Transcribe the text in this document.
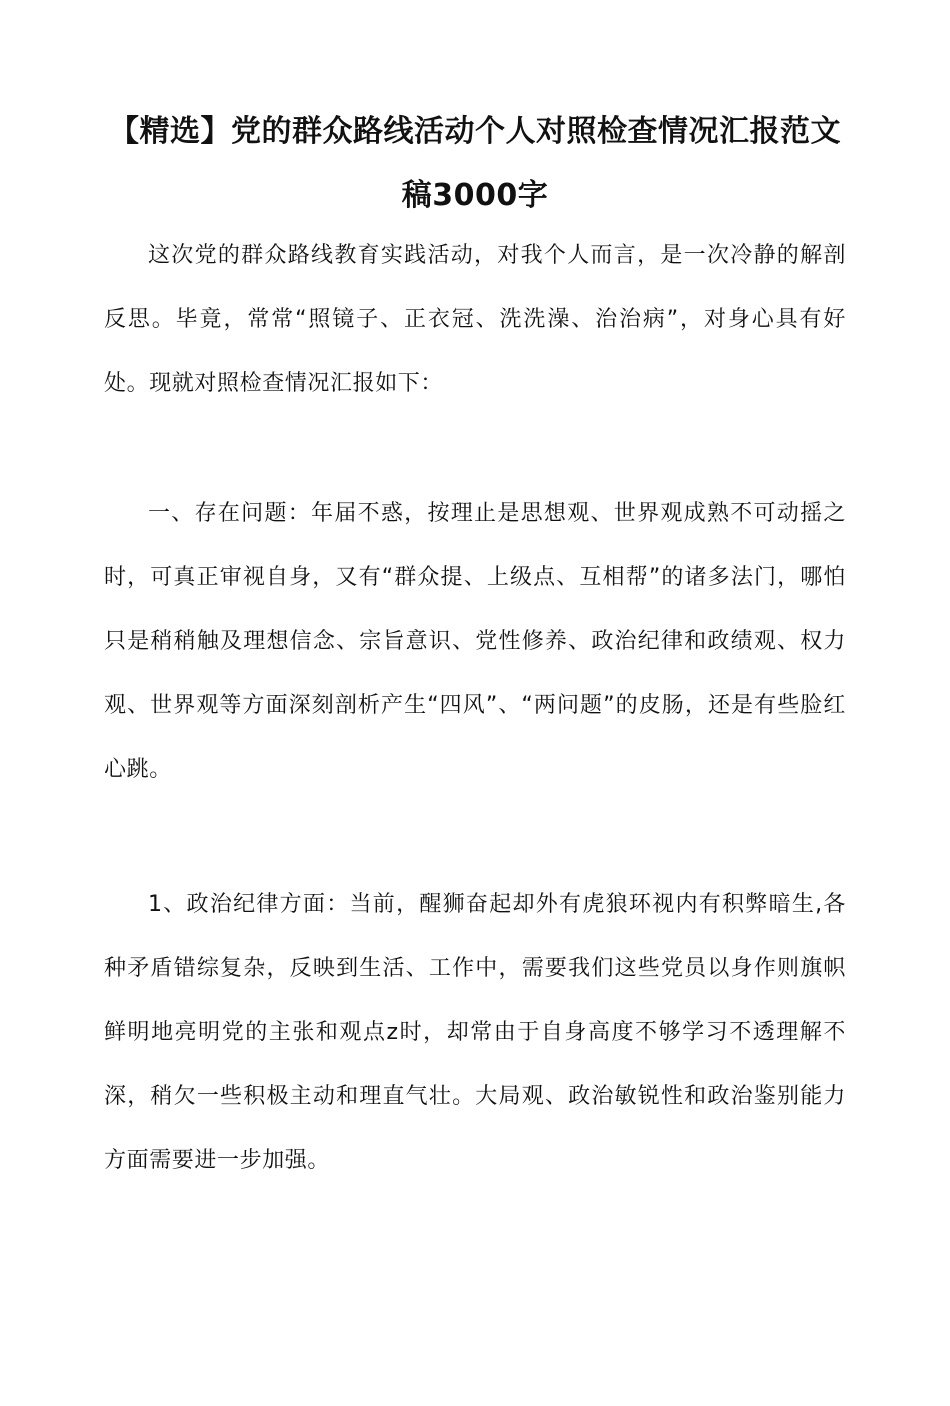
【精选】党的群众路线活动个人对照检查情况汇报范文稿3000字

这次党的群众路线教育实践活动，对我个人而言，是一次冷静的解剖反思。毕竟，常常“照镜子、正衣冠、洗洗澡、治治病”，对身心具有好处。现就对照检查情况汇报如下：

一、存在问题：年届不惑，按理止是思想观、世界观成熟不可动摇之时，可真正审视自身，又有“群众提、上级点、互相帮”的诸多法门，哪怕只是稍稍触及理想信念、宗旨意识、党性修养、政治纪律和政绩观、权力观、世界观等方面深刻剖析产生“四风”、“两问题”的皮肠，还是有些脸红心跳。

1、政治纪律方面：当前，醒狮奋起却外有虎狼环视内有积弊暗生,各种矛盾错综复杂，反映到生活、工作中，需要我们这些党员以身作则旗帜鲜明地亮明党的主张和观点z时，却常由于自身高度不够学习不透理解不深，稍欠一些积极主动和理直气壮。大局观、政治敏锐性和政治鉴别能力方面需要进一步加强。
